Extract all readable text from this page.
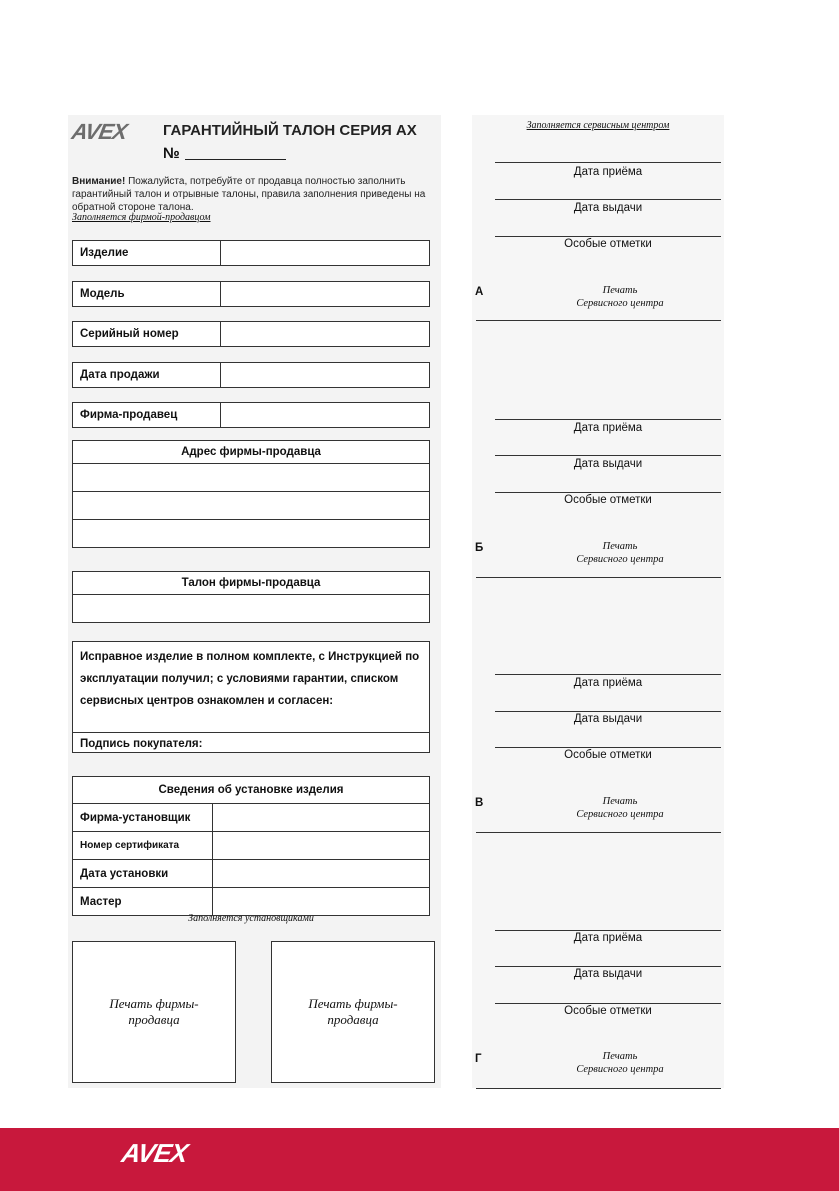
AVEX ГАРАНТИЙНЫЙ ТАЛОН СЕРИЯ AX
№
Внимание! Пожалуйста, потребуйте от продавца полностью заполнить гарантийный талон и отрывные талоны, правила заполнения приведены на обратной стороне талона.
Заполняется фирмой-продавцом
Изделие
Модель
Серийный номер
Дата продажи
Фирма-продавец
Адрес фирмы-продавца
Талон фирмы-продавца
Исправное изделие в полном комплекте, с Инструкцией по эксплуатации получил; с условиями гарантии, списком сервисных центров ознакомлен и согласен:
Подпись покупателя:
Сведения об установке изделия
Фирма-установщик
Номер сертификата
Дата установки
Мастер
Заполняется установщиками
Печать фирмы-продавца
Печать фирмы-продавца
Заполняется сервисным центром
Дата приёма
Дата выдачи
Особые отметки
А	Печать
Сервисного центра
Дата приёма
Дата выдачи
Особые отметки
Б	Печать
Сервисного центра
Дата приёма
Дата выдачи
Особые отметки
В	Печать
Сервисного центра
Дата приёма
Дата выдачи
Особые отметки
Г	Печать
Сервисного центра
AVEX
